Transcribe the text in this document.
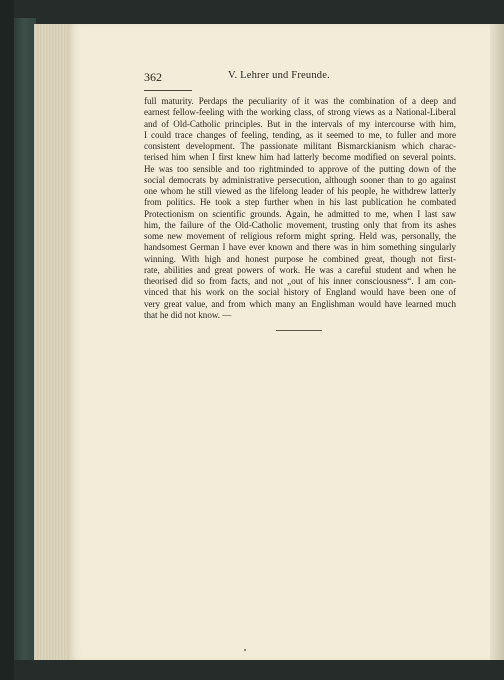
362	V. Lehrer und Freunde.

full maturity. Perdaps the peculiarity of it was the combination of a deep and
earnest fellow-feeling with the working class, of strong views as a National-Liberal
and of Old-Catholic principles. But in the intervals of my intercourse with him,
I could trace changes of feeling, tending, as it seemed to me, to fuller and more
consistent development. The passionate militant Bismarckianism which charac-
terised him when I first knew him had latterly become modified on several points.
He was too sensible and too rightminded to approve of the putting down of the
social democrats by administrative persecution, although sooner than to go against
one whom he still viewed as the lifelong leader of his people, he withdrew latterly
from politics. He took a step further when in his last publication he combated
Protectionism on scientific grounds. Again, he admitted to me, when I last saw
him, the failure of the Old-Catholic movement, trusting only that from its ashes
some new movement of religious reform might spring. Held was, personally, the
handsomest German I have ever known and there was in him something singularly
winning. With high and honest purpose he combined great, though not first-
rate, abilities and great powers of work. He was a careful student and when he
theorised did so from facts, and not „out of his inner consciousness“. I am con-
vinced that his work on the social history of England would have been one of
very great value, and from which many an Englishman would have learned much
that he did not know. —
